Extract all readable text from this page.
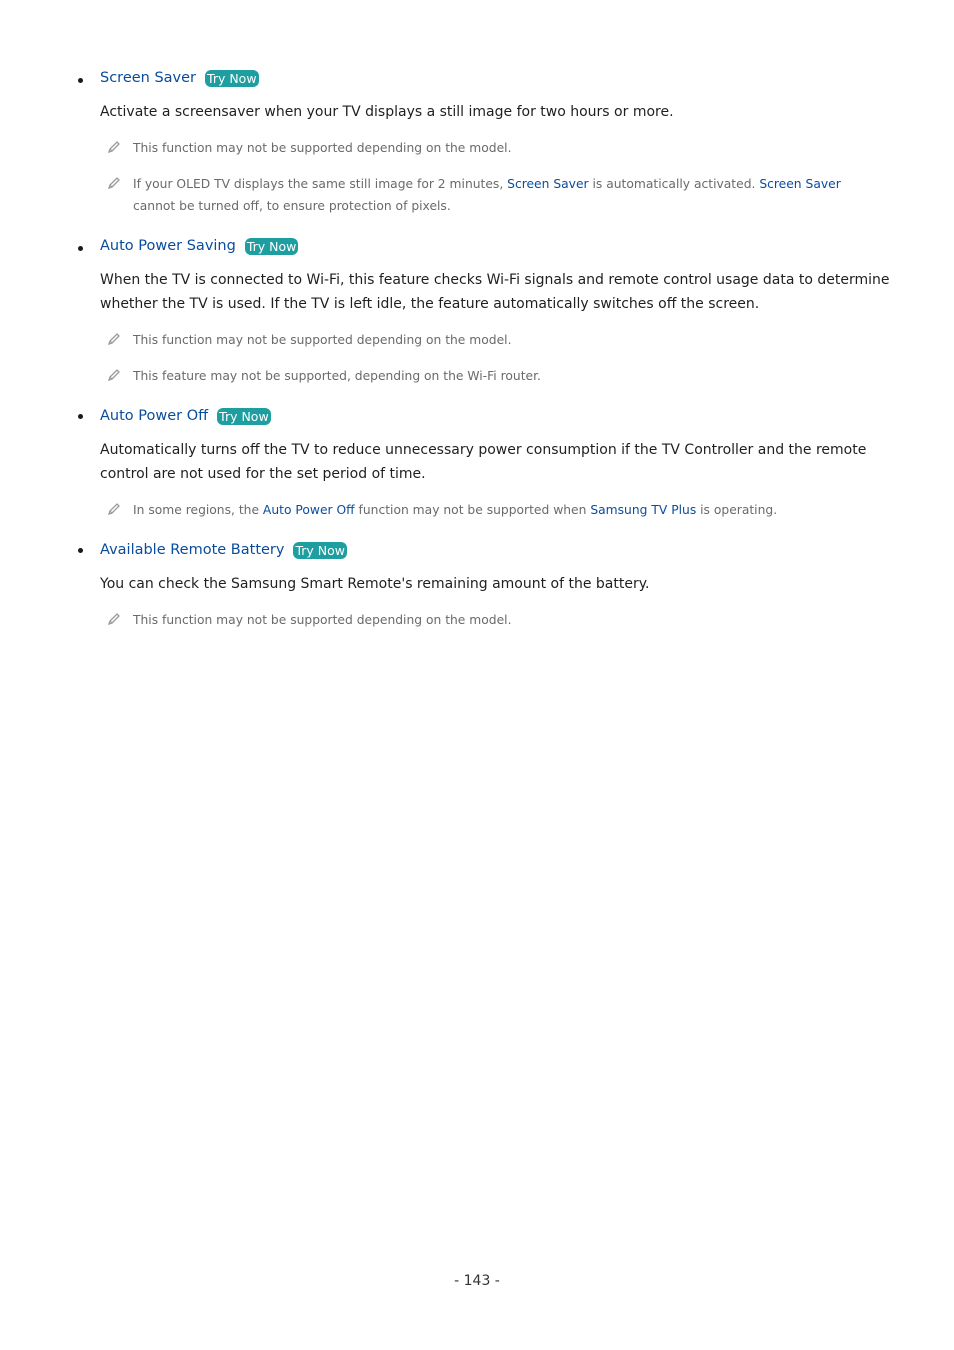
Screen Saver Try Now
Activate a screensaver when your TV displays a still image for two hours or more.
This function may not be supported depending on the model.
If your OLED TV displays the same still image for 2 minutes, Screen Saver is automatically activated. Screen Saver cannot be turned off, to ensure protection of pixels.
Auto Power Saving Try Now
When the TV is connected to Wi-Fi, this feature checks Wi-Fi signals and remote control usage data to determine whether the TV is used. If the TV is left idle, the feature automatically switches off the screen.
This function may not be supported depending on the model.
This feature may not be supported, depending on the Wi-Fi router.
Auto Power Off Try Now
Automatically turns off the TV to reduce unnecessary power consumption if the TV Controller and the remote control are not used for the set period of time.
In some regions, the Auto Power Off function may not be supported when Samsung TV Plus is operating.
Available Remote Battery Try Now
You can check the Samsung Smart Remote's remaining amount of the battery.
This function may not be supported depending on the model.
- 143 -
